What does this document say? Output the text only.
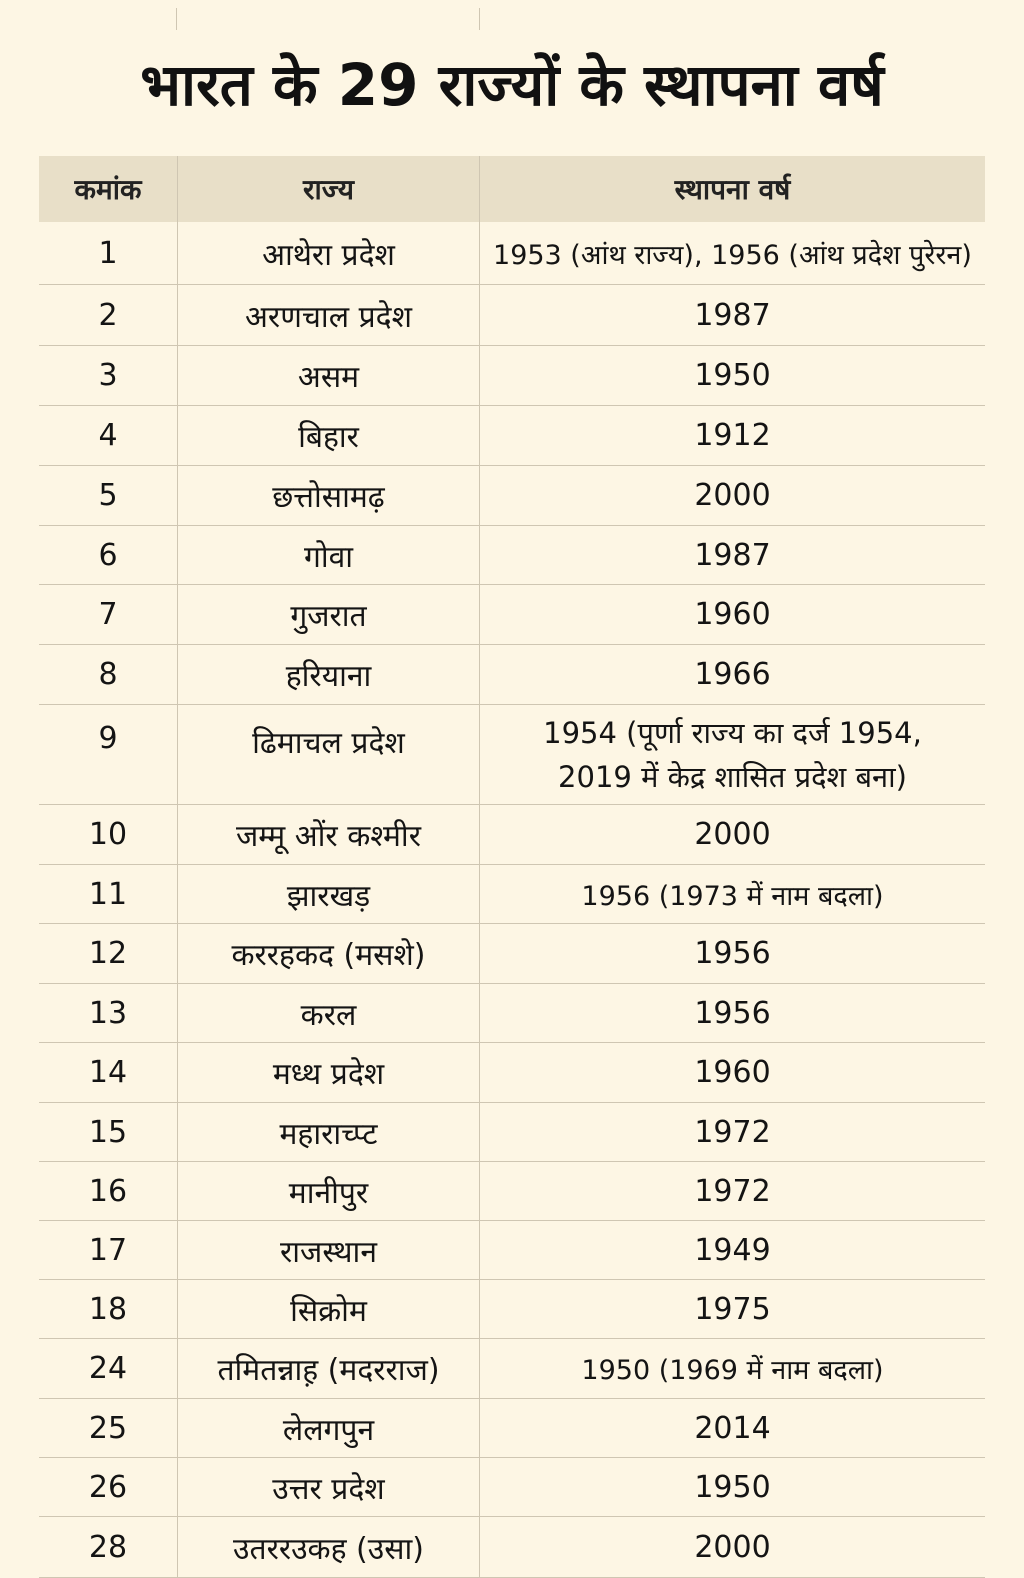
भारत के 29 राज्यों के स्थापना वर्ष
कमांक	राज्य	स्थापना वर्ष
1	आथेरा प्रदेश	1953 (आंथ राज्य), 1956 (आंथ प्रदेश पुरेरन)
2	अरणचाल प्रदेश	1987
3	असम	1950
4	बिहार	1912
5	छत्तोसामढ़	2000
6	गोवा	1987
7	गुजरात	1960
8	हरियाना	1966
9	ढिमाचल प्रदेश	1954 (पूर्णा राज्य का दर्ज 1954,
2019 में केद्र शासित प्रदेश बना)
10	जम्मू ओंर कश्मीर	2000
11	झारखड़	1956 (1973 में नाम बदला)
12	कररहकद (मसशे)	1956
13	करल	1956
14	मध्थ प्रदेश	1960
15	महाराच्प्ट	1972
16	मानीपुर	1972
17	राजस्थान	1949
18	सिक्रोम	1975
24	तमितन्नाह़ (मदरराज)	1950 (1969 में नाम बदला)
25	लेलगपुन	2014
26	उत्तर प्रदेश	1950
28	उतररउकह (उसा)	2000
